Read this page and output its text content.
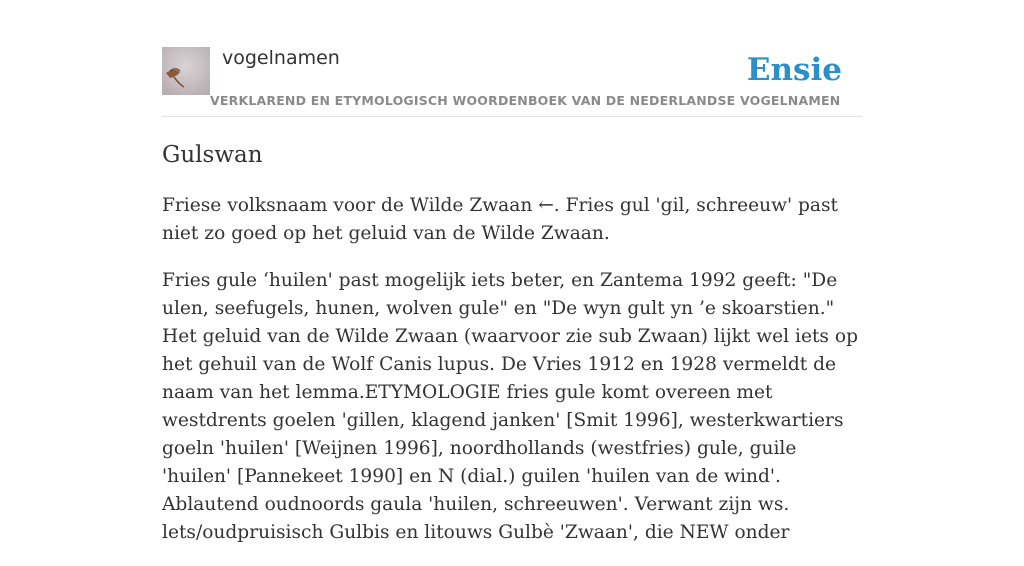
vogelnamen	Ensie
VERKLAREND EN ETYMOLOGISCH WOORDENBOEK VAN DE NEDERLANDSE VOGELNAMEN
Gulswan

Friese volksnaam voor de Wilde Zwaan ←. Fries gul 'gil, schreeuw' past niet zo goed op het geluid van de Wilde Zwaan.

Fries gule ‘huilen' past mogelijk iets beter, en Zantema 1992 geeft: "De ulen, seefugels, hunen, wolven gule" en "De wyn gult yn ’e skoarstien." Het geluid van de Wilde Zwaan (waarvoor zie sub Zwaan) lijkt wel iets op het gehuil van de Wolf Canis lupus. De Vries 1912 en 1928 vermeldt de naam van het lemma.ETYMOLOGIE fries gule komt overeen met westdrents goelen 'gillen, klagend janken' [Smit 1996], westerkwartiers goeln 'huilen' [Weijnen 1996], noordhollands (westfries) gule, guile 'huilen' [Pannekeet 1990] en N (dial.) guilen 'huilen van de wind'. Ablautend oudnoords gaula 'huilen, schreeuwen'. Verwant zijn ws. lets/oudpruisisch Gulbis en litouws Gulbè 'Zwaan', die NEW onder
